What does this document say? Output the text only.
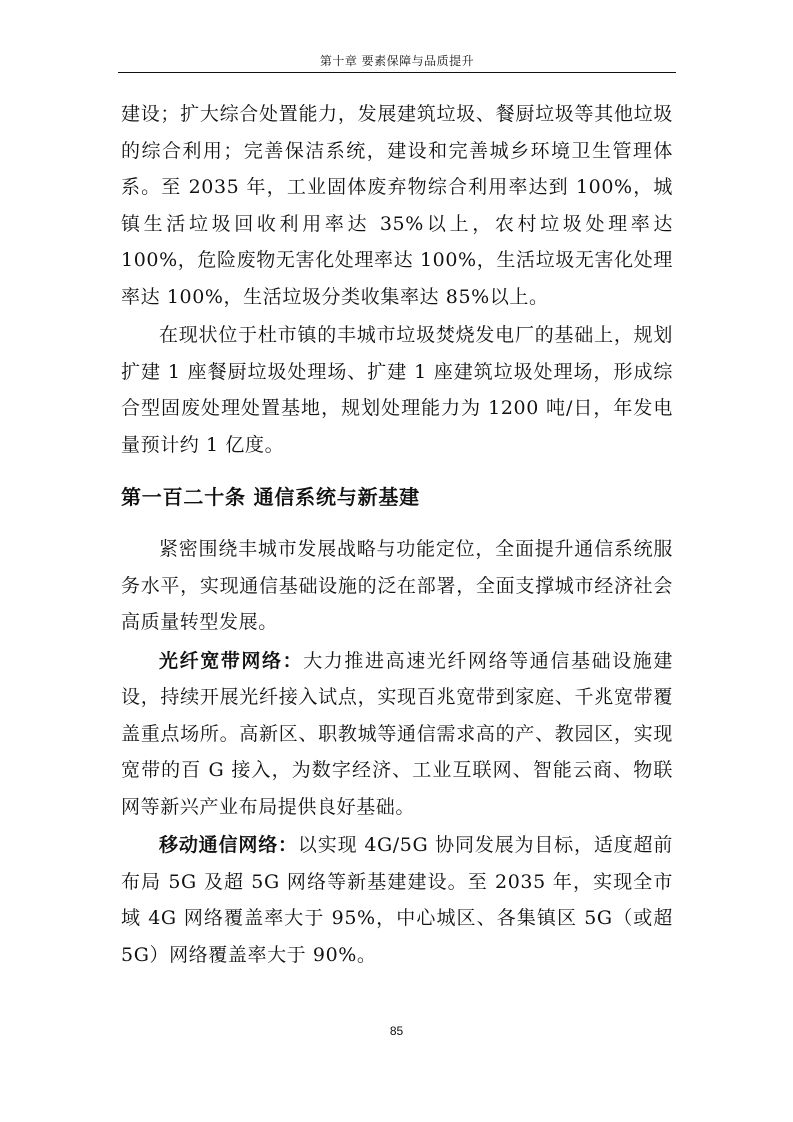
第十章 要素保障与品质提升

建设；扩大综合处置能力，发展建筑垃圾、餐厨垃圾等其他垃圾的综合利用；完善保洁系统，建设和完善城乡环境卫生管理体系。至 2035 年，工业固体废弃物综合利用率达到 100%，城镇生活垃圾回收利用率达 35%以上，农村垃圾处理率达 100%，危险废物无害化处理率达 100%，生活垃圾无害化处理率达 100%，生活垃圾分类收集率达 85%以上。

在现状位于杜市镇的丰城市垃圾焚烧发电厂的基础上，规划扩建 1 座餐厨垃圾处理场、扩建 1 座建筑垃圾处理场，形成综合型固废处理处置基地，规划处理能力为 1200 吨/日，年发电量预计约 1 亿度。

第一百二十条 通信系统与新基建

紧密围绕丰城市发展战略与功能定位，全面提升通信系统服务水平，实现通信基础设施的泛在部署，全面支撑城市经济社会高质量转型发展。

光纤宽带网络：大力推进高速光纤网络等通信基础设施建设，持续开展光纤接入试点，实现百兆宽带到家庭、千兆宽带覆盖重点场所。高新区、职教城等通信需求高的产、教园区，实现宽带的百 G 接入，为数字经济、工业互联网、智能云商、物联网等新兴产业布局提供良好基础。

移动通信网络：以实现 4G/5G 协同发展为目标，适度超前布局 5G 及超 5G 网络等新基建建设。至 2035 年，实现全市域 4G 网络覆盖率大于 95%，中心城区、各集镇区 5G（或超 5G）网络覆盖率大于 90%。

85
